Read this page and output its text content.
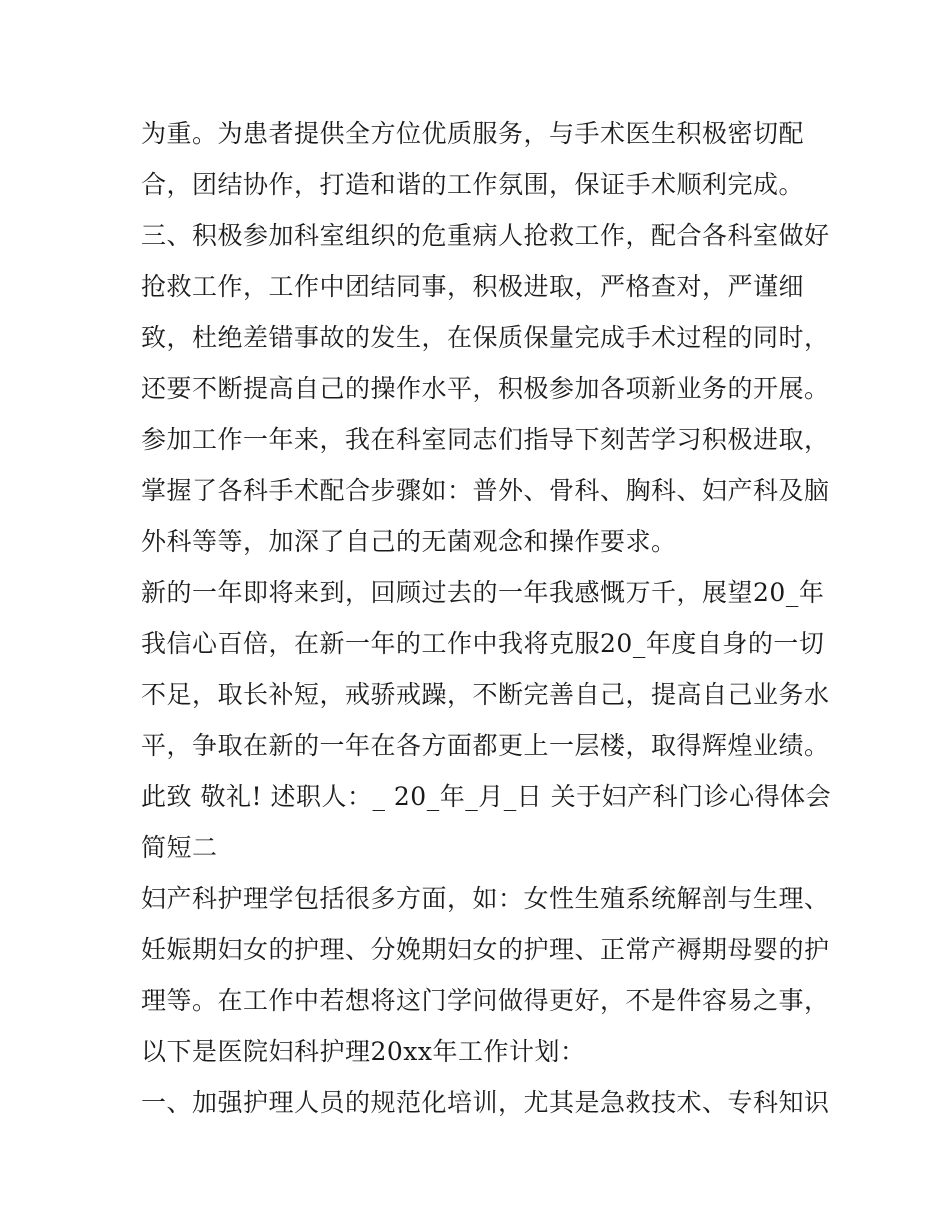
为重。为患者提供全方位优质服务，与手术医生积极密切配
合，团结协作，打造和谐的工作氛围，保证手术顺利完成。
三、积极参加科室组织的危重病人抢救工作，配合各科室做好
抢救工作，工作中团结同事，积极进取，严格查对，严谨细
致，杜绝差错事故的发生，在保质保量完成手术过程的同时，
还要不断提高自己的操作水平，积极参加各项新业务的开展。
参加工作一年来，我在科室同志们指导下刻苦学习积极进取，
掌握了各科手术配合步骤如：普外、骨科、胸科、妇产科及脑
外科等等，加深了自己的无菌观念和操作要求。
新的一年即将来到，回顾过去的一年我感慨万千，展望20_年
我信心百倍，在新一年的工作中我将克服20_年度自身的一切
不足，取长补短，戒骄戒躁，不断完善自己，提高自己业务水
平，争取在新的一年在各方面都更上一层楼，取得辉煌业绩。
此致 敬礼! 述职人：_ 20_年_月_日 关于妇产科门诊心得体会
简短二
妇产科护理学包括很多方面，如：女性生殖系统解剖与生理、
妊娠期妇女的护理、分娩期妇女的护理、正常产褥期母婴的护
理等。在工作中若想将这门学问做得更好，不是件容易之事，
以下是医院妇科护理20xx年工作计划：
一、加强护理人员的规范化培训，尤其是急救技术、专科知识
